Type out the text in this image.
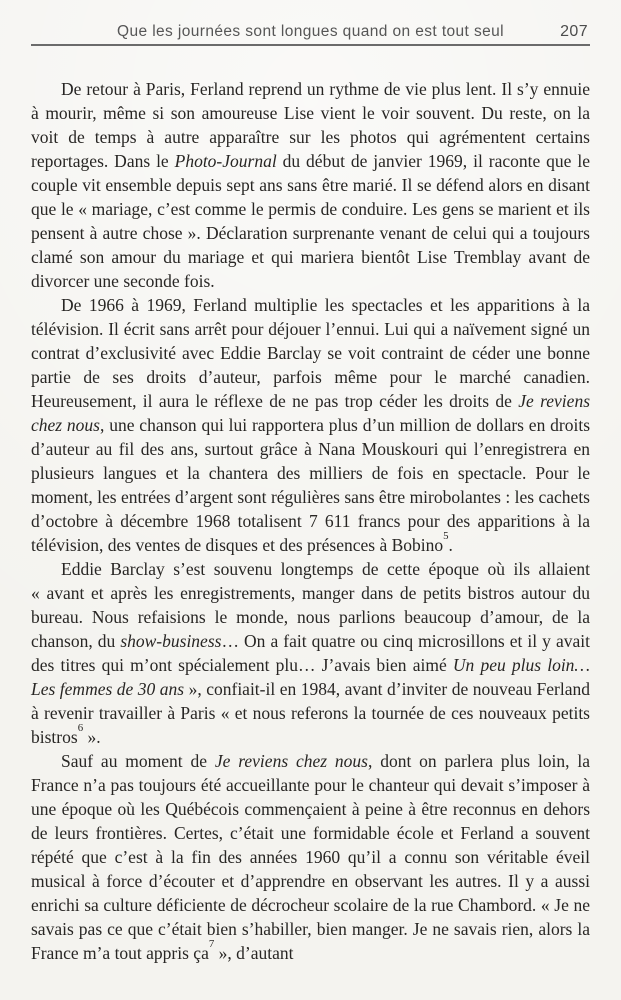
Que les journées sont longues quand on est tout seul	207

De retour à Paris, Ferland reprend un rythme de vie plus lent. Il s’y ennuie à mourir, même si son amoureuse Lise vient le voir souvent. Du reste, on la voit de temps à autre apparaître sur les photos qui agrémentent certains reportages. Dans le Photo-Journal du début de janvier 1969, il raconte que le couple vit ensemble depuis sept ans sans être marié. Il se défend alors en disant que le « mariage, c’est comme le permis de conduire. Les gens se marient et ils pensent à autre chose ». Déclaration surprenante venant de celui qui a toujours clamé son amour du mariage et qui mariera bientôt Lise Tremblay avant de divorcer une seconde fois.

De 1966 à 1969, Ferland multiplie les spectacles et les apparitions à la télévision. Il écrit sans arrêt pour déjouer l’ennui. Lui qui a naïvement signé un contrat d’exclusivité avec Eddie Barclay se voit contraint de céder une bonne partie de ses droits d’auteur, parfois même pour le marché canadien. Heureusement, il aura le réflexe de ne pas trop céder les droits de Je reviens chez nous, une chanson qui lui rapportera plus d’un million de dollars en droits d’auteur au fil des ans, surtout grâce à Nana Mouskouri qui l’enregistrera en plusieurs langues et la chantera des milliers de fois en spectacle. Pour le moment, les entrées d’argent sont régulières sans être mirobolantes : les cachets d’octobre à décembre 1968 totalisent 7 611 francs pour des apparitions à la télévision, des ventes de disques et des présences à Bobino$^5$.

Eddie Barclay s’est souvenu longtemps de cette époque où ils allaient « avant et après les enregistrements, manger dans de petits bistros autour du bureau. Nous refaisions le monde, nous parlions beaucoup d’amour, de la chanson, du show-business… On a fait quatre ou cinq microsillons et il y avait des titres qui m’ont spécialement plu… J’avais bien aimé Un peu plus loin… Les femmes de 30 ans », confiait-il en 1984, avant d’inviter de nouveau Ferland à revenir travailler à Paris « et nous referons la tournée de ces nouveaux petits bistros$^6$ ».

Sauf au moment de Je reviens chez nous, dont on parlera plus loin, la France n’a pas toujours été accueillante pour le chanteur qui devait s’imposer à une époque où les Québécois commençaient à peine à être reconnus en dehors de leurs frontières. Certes, c’était une formidable école et Ferland a souvent répété que c’est à la fin des années 1960 qu’il a connu son véritable éveil musical à force d’écouter et d’apprendre en observant les autres. Il y a aussi enrichi sa culture déficiente de décrocheur scolaire de la rue Chambord. « Je ne savais pas ce que c’était bien s’habiller, bien manger. Je ne savais rien, alors la France m’a tout appris $ça^7$ », d’autant
